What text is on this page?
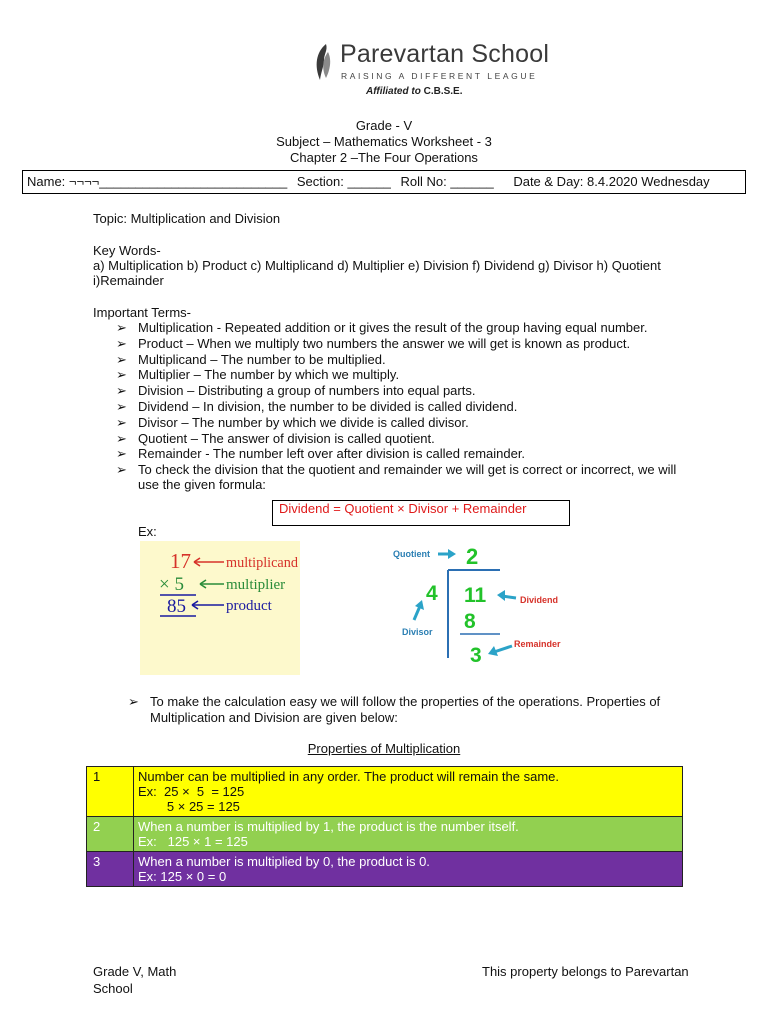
Parevartan School
RAISING A DIFFERENT LEAGUE
Affiliated to C.B.S.E.
Grade - V
Subject – Mathematics Worksheet - 3
Chapter 2 –The Four Operations
Name: ¬¬¬¬__________________________ Section: ______ Roll No: ______ Date & Day: 8.4.2020 Wednesday
Topic: Multiplication and Division
Key Words-
a) Multiplication b) Product c) Multiplicand d) Multiplier e) Division f) Dividend g) Divisor h) Quotient
i)Remainder
Important Terms-
➢ Multiplication - Repeated addition or it gives the result of the group having equal number.
➢ Product – When we multiply two numbers the answer we will get is known as product.
➢ Multiplicand – The number to be multiplied.
➢ Multiplier – The number by which we multiply.
➢ Division – Distributing a group of numbers into equal parts.
➢ Dividend – In division, the number to be divided is called dividend.
➢ Divisor – The number by which we divide is called divisor.
➢ Quotient – The answer of division is called quotient.
➢ Remainder - The number left over after division is called remainder.
➢ To check the division that the quotient and remainder we will get is correct or incorrect, we will
use the given formula:
Dividend = Quotient × Divisor + Remainder
Ex:
17
× 5
85
multiplicand
multiplier
product
Quotient 2
4 11
8
3
Dividend
Divisor
Remainder
➢ To make the calculation easy we will follow the properties of the operations. Properties of
Multiplication and Division are given below:
Properties of Multiplication
1	Number can be multiplied in any order. The product will remain the same.
Ex:  25 ×  5  = 125
5 × 25 = 125

2	When a number is multiplied by 1, the product is the number itself.
Ex:   125 × 1 = 125

3	When a number is multiplied by 0, the product is 0.
Ex: 125 × 0 = 0
Grade V, Math	This property belongs to Parevartan
School
